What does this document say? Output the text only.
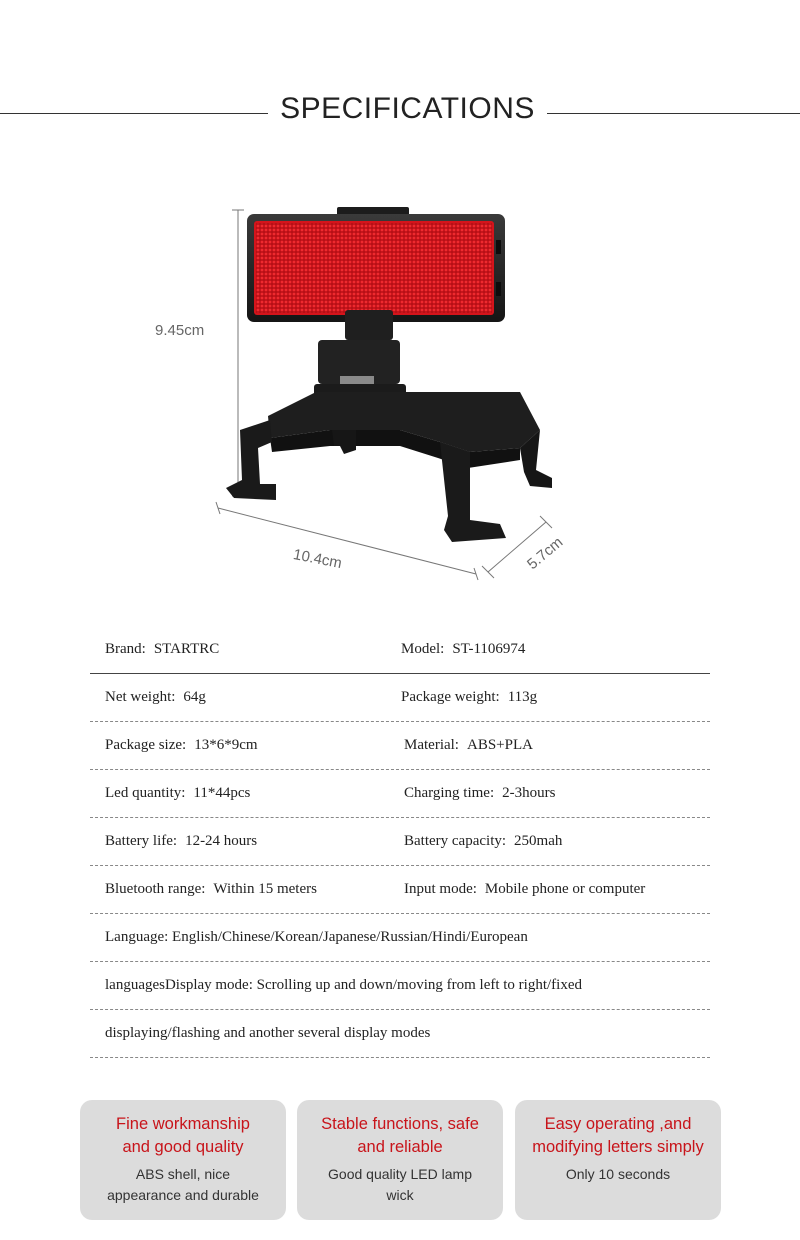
SPECIFICATIONS
9.45cm
10.4cm	5.7cm
Brand: STARTRC	Model: ST-1106974
Net weight: 64g	Package weight: 113g
Package size: 13*6*9cm	Material: ABS+PLA
Led quantity: 11*44pcs	Charging time: 2-3hours
Battery life: 12-24 hours	Battery capacity: 250mah
Bluetooth range: Within 15 meters	Input mode: Mobile phone or computer
Language: English/Chinese/Korean/Japanese/Russian/Hindi/European
languagesDisplay mode: Scrolling up and down/moving from left to right/fixed
displaying/flashing and another several display modes
Fine workmanship
and good quality
ABS shell, nice
appearance and durable
Stable functions, safe
and reliable
Good quality LED lamp
wick
Easy operating ,and
modifying letters simply
Only 10 seconds
